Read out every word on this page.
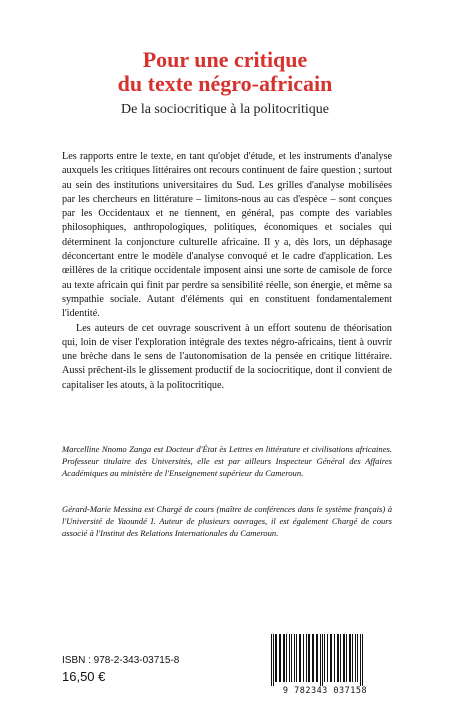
Pour une critique
du texte négro-africain
De la sociocritique à la politocritique

Les rapports entre le texte, en tant qu'objet d'étude, et les instruments d'analyse auxquels les critiques littéraires ont recours continuent de faire question ; surtout au sein des institutions universitaires du Sud. Les grilles d'analyse mobilisées par les chercheurs en littérature – limitons-nous au cas d'espèce – sont conçues par les Occidentaux et ne tiennent, en général, pas compte des variables philosophiques, anthropologiques, politiques, économiques et sociales qui déterminent la conjoncture culturelle africaine. Il y a, dès lors, un déphasage déconcertant entre le modèle d'analyse convoqué et le cadre d'application. Les œillères de la critique occidentale imposent ainsi une sorte de camisole de force au texte africain qui finit par perdre sa sensibilité réelle, son énergie, et même sa sympathie sociale. Autant d'éléments qui en constituent fondamentalement l'identité.

Les auteurs de cet ouvrage souscrivent à un effort soutenu de théorisation qui, loin de viser l'exploration intégrale des textes négro-africains, tient à ouvrir une brèche dans le sens de l'autonomisation de la pensée en critique littéraire. Aussi prêchent-ils le glissement productif de la sociocritique, dont il convient de capitaliser les atouts, à la politocritique.

Marcelline Nnomo Zanga est Docteur d'État ès Lettres en littérature et civilisations africaines. Professeur titulaire des Universités, elle est par ailleurs Inspecteur Général des Affaires Académiques au ministère de l'Enseignement supérieur du Cameroun.
Gérard-Marie Messina est Chargé de cours (maître de conférences dans le système français) à l'Université de Yaoundé I. Auteur de plusieurs ouvrages, il est également Chargé de cours associé à l'Institut des Relations Internationales du Cameroun.
ISBN : 978-2-343-03715-8
16,50 €
9 782343 037158
